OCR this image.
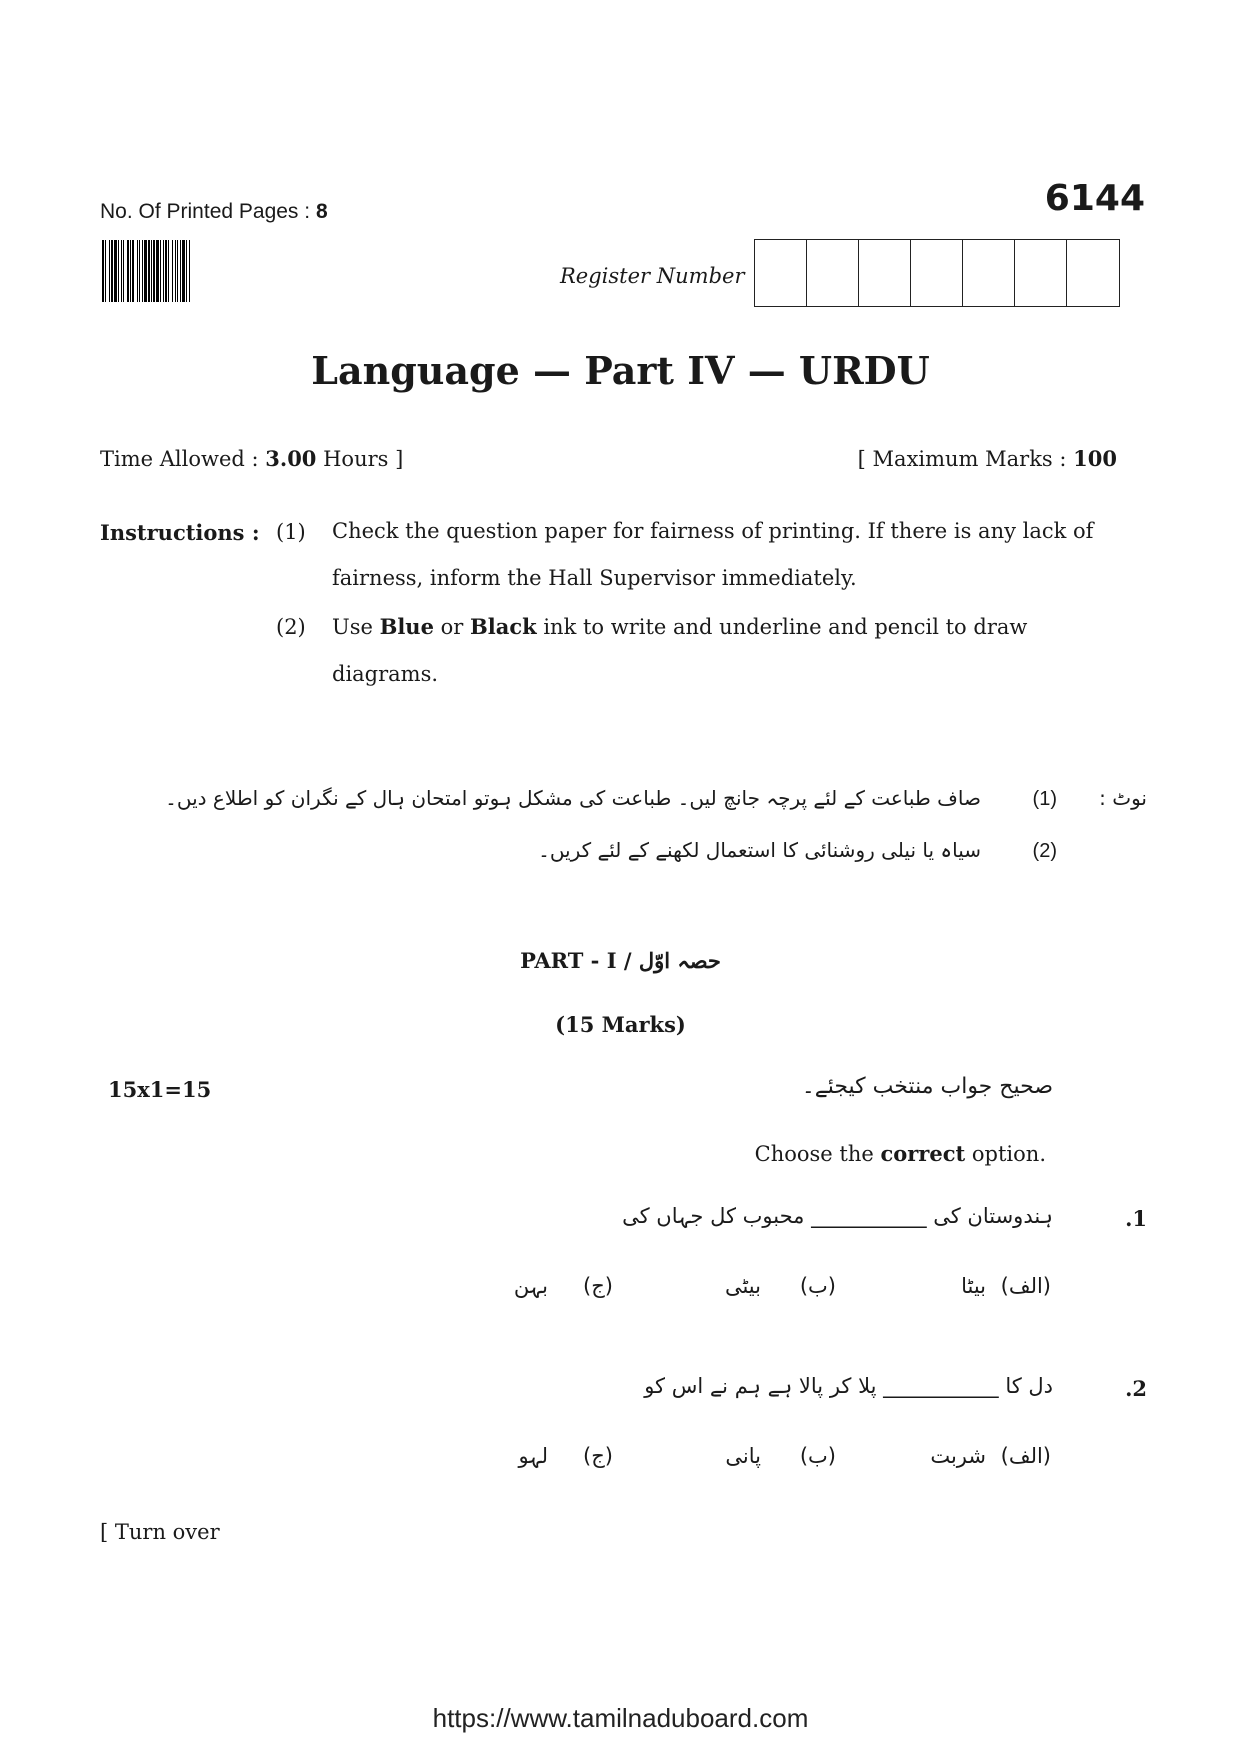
No. Of Printed Pages : 8	6144
Register Number
Language — Part IV — URDU
Time Allowed : 3.00 Hours ]	[ Maximum Marks : 100
Instructions : (1) Check the question paper for fairness of printing. If there is any lack of fairness, inform the Hall Supervisor immediately.
(2) Use Blue or Black ink to write and underline and pencil to draw diagrams.
نوٹ :
(1)
صاف طباعت کے لئے پرچہ جانچ لیں۔ طباعت کی مشکل ہوتو امتحان ہال کے نگران کو اطلاع دیں۔
(2)
سیاہ یا نیلی روشنائی کا استعمال لکھنے کے لئے کریں۔
PART - I / حصہ اوّل
(15 Marks)
15x1=15	صحیح جواب منتخب کیجئے۔
Choose the correct option.
.1
ہندوستان کی ___________ محبوب کل جہاں کی
(الف)
بیٹا
(ب)
بیٹی
(ج)
بہن
.2
دل کا ___________ پلا کر پالا ہے ہم نے اس کو
(الف)
شربت
(ب)
پانی
(ج)
لہو
[ Turn over
https://www.tamilnaduboard.com
